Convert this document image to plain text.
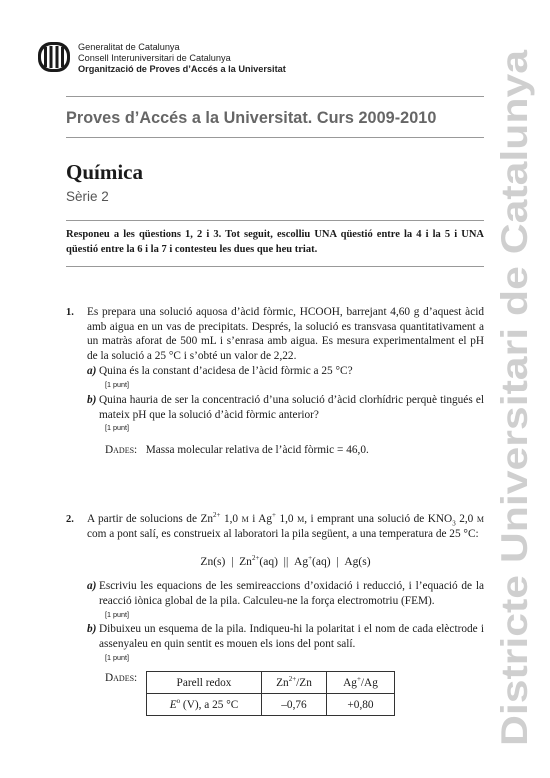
Generalitat de Catalunya
Consell Interuniversitari de Catalunya
Organització de Proves d’Accés a la Universitat
Proves d’Accés a la Universitat. Curs 2009-2010
Química
Sèrie 2
Responeu a les qüestions 1, 2 i 3. Tot seguit, escolliu UNA qüestió entre la 4 i la 5 i UNA qüestió entre la 6 i la 7 i contesteu les dues que heu triat.	Districte Universitari de Catalunya
1. Es prepara una solució aquosa d’àcid fòrmic, HCOOH, barrejant 4,60 g d’aquest àcid amb aigua en un vas de precipitats. Després, la solució es transvasa quantitativament a un matràs aforat de 500 mL i s’enrasa amb aigua. Es mesura experimentalment el pH de la solució a 25 °C i s’obté un valor de 2,22.
a) Quina és la constant d’acidesa de l’àcid fòrmic a 25 °C?
[1 punt]
b) Quina hauria de ser la concentració d’una solució d’àcid clorhídric perquè tingués el mateix pH que la solució d’àcid fòrmic anterior?
[1 punt]
Dades: Massa molecular relativa de l’àcid fòrmic = 46,0.
2. A partir de solucions de $Zn^{2+}$ 1,0 m i Ag+ 1,0 m, i emprant una solució de $KNO_3$ 2,0 m com a pont salí, es construeix al laboratori la pila següent, a una temperatura de 25 °C:
Zn(s) | $Zn^{2+}(aq)$ || Ag+(aq) | Ag(s)
a) Escriviu les equacions de les semireaccions d’oxidació i reducció, i l’equació de la reacció iònica global de la pila. Calculeu-ne la força electromotriu (FEM).
[1 punt]
b) Dibuixeu un esquema de la pila. Indiqueu-hi la polaritat i el nom de cada elèctrode i assenyaleu en quin sentit es mouen els ions del pont salí.
[1 punt]
Dades:	Parell redox	$Zn^{2+}/Zn$	Ag+/Ag
$E^o$ (V), a 25 °C	–0,76	+0,80
